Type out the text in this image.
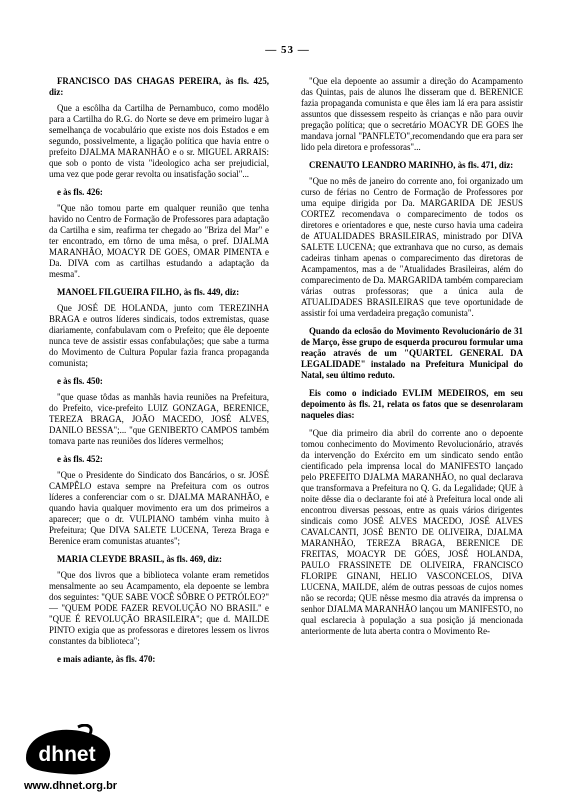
— 53 —

FRANCISCO DAS CHAGAS PEREIRA, às fls. 425, diz:

Que a escôlha da Cartilha de Pernambuco, como modêlo para a Cartilha do R.G. do Norte se deve em primeiro lugar à semelhança de vocabulário que existe nos dois Estados e em segundo, possivelmente, a ligação política que havia entre o prefeito DJALMA MARANHÃO e o sr. MIGUEL ARRAIS: que sob o ponto de vista "ideologico acha ser prejudicial, uma vez que pode gerar revolta ou insatisfação social"...

e às fls. 426:

"Que não tomou parte em qualquer reunião que tenha havido no Centro de Formação de Professores para adaptação da Cartilha e sim, reafirma ter chegado ao "Briza del Mar" e ter encontrado, em tôrno de uma mêsa, o pref. DJALMA MARANHÃO, MOACYR DE GOES, OMAR PIMENTA e Da. DIVA com as cartilhas estudando a adaptação da mesma".

MANOEL FILGUEIRA FILHO, às fls. 449, diz:

Que JOSÉ DE HOLANDA, junto com TEREZINHA BRAGA e outros líderes sindicais, todos extremistas, quase diariamente, confabulavam com o Prefeito; que êle depoente nunca teve de assistir essas confabulações; que sabe a turma do Movimento de Cultura Popular fazia franca propaganda comunista;

e às fls. 450:

"que quase tôdas as manhãs havia reuniões na Prefeitura, do Prefeito, vice-prefeito LUIZ GONZAGA, BERENICE, TEREZA BRAGA, JOÃO MACEDO, JOSÉ ALVES, DANILO BESSA";... "que GENIBERTO CAMPOS também tomava parte nas reuniões dos líderes vermelhos;

e às fls. 452:

"Que o Presidente do Sindicato dos Bancários, o sr. JOSÉ CAMPÊLO estava sempre na Prefeitura com os outros líderes a conferenciar com o sr. DJALMA MARANHÃO, e quando havia qualquer movimento era um dos primeiros a aparecer; que o dr. VULPIANO também vinha muito à Prefeitura; Que DIVA SALETE LUCENA, Tereza Braga e Berenice eram comunistas atuantes";

MARIA CLEYDE BRASIL, às fls. 469, diz:

"Que dos livros que a biblioteca volante eram remetidos mensalmente ao seu Acampamento, ela depoente se lembra dos seguintes: "QUE SABE VOCÊ SÔBRE O PETRÓLEO?" — "QUEM PODE FAZER REVOLUÇÃO NO BRASIL" e "QUE É REVOLUÇÃO BRASILEIRA"; que d. MAILDE PINTO exigia que as professoras e diretores lessem os livros constantes da biblioteca";

e mais adiante, às fls. 470:

"Que ela depoente ao assumir a direção do Acampamento das Quintas, pais de alunos lhe disseram que d. BERENICE fazia propaganda comunista e que êles iam lá era para assistir assuntos que dissessem respeito às crianças e não para ouvir pregação política; que o secretário MOACYR DE GOES lhe mandava jornal "PANFLETO",recomendando que era para ser lido pela diretora e professoras"...

CRENAUTO LEANDRO MARINHO, às fls. 471, diz:

"Que no mês de janeiro do corrente ano, foi organizado um curso de férias no Centro de Formação de Professores por uma equipe dirigida por Da. MARGARIDA DE JESUS CORTEZ recomendava o comparecimento de todos os diretores e orientadores e que, neste curso havia uma cadeira de ATUALIDADES BRASILEIRAS, ministrado por DIVA SALETE LUCENA; que extranhava que no curso, as demais cadeiras tinham apenas o comparecimento das diretoras de Acampamentos, mas a de "Atualidades Brasileiras, além do comparecimento de Da. MARGARIDA também compareciam várias outras professoras; que a única aula de ATUALIDADES BRASILEIRAS que teve oportunidade de assistir foi uma verdadeira pregação comunista".

Quando da eclosão do Movimento Revolucionário de 31 de Março, êsse grupo de esquerda procurou formular uma reação através de um "QUARTEL GENERAL DA LEGALIDADE" instalado na Prefeitura Municipal do Natal, seu último reduto.

Eis como o indiciado EVLIM MEDEIROS, em seu depoimento às fls. 21, relata os fatos que se desenrolaram naqueles dias:

"Que dia primeiro dia abril do corrente ano o depoente tomou conhecimento do Movimento Revolucionário, através da intervenção do Exército em um sindicato sendo então cientificado pela imprensa local do MANIFESTO lançado pelo PREFEITO DJALMA MARANHÃO, no qual declarava que transformava a Prefeitura no Q. G. da Legalidade; QUE à noite dêsse dia o declarante foi até à Prefeitura local onde ali encontrou diversas pessoas, entre as quais vários dirigentes sindicais como JOSÉ ALVES MACEDO, JOSÉ ALVES CAVALCANTI, JOSÉ BENTO DE OLIVEIRA, DJALMA MARANHÃO, TEREZA BRAGA, BERENICE DE FREITAS, MOACYR DE GÓES, JOSÉ HOLANDA, PAULO FRASSINETE DE OLIVEIRA, FRANCISCO FLORIPE GINANI, HELIO VASCONCELOS, DIVA LUCENA, MAILDE, além de outras pessoas de cujos nomes não se recorda; QUE nêsse mesmo dia através da imprensa o senhor DJALMA MARANHÃO lançou um MANIFESTO, no qual esclarecia à população a sua posição já mencionada anteriormente de luta aberta contra o Movimento Re-

dhnet
www.dhnet.org.br
